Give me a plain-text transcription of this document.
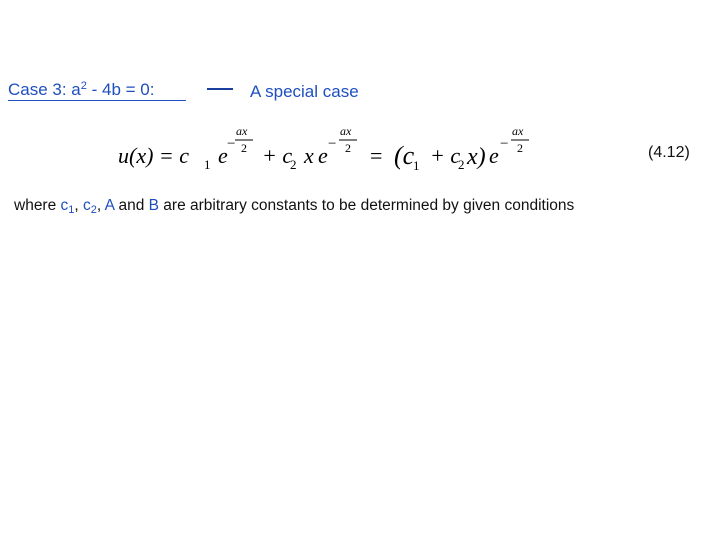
Case 3: $a^2 - 4b = 0$:	A special case
u(x) = c 1 e −
ax
2 + c
2 x e −
ax
2 = (c
1 + c
2 x) e −
ax
2	(4.12)
where $c_1$, $c_2$, A and B are arbitrary constants to be determined by given conditions
